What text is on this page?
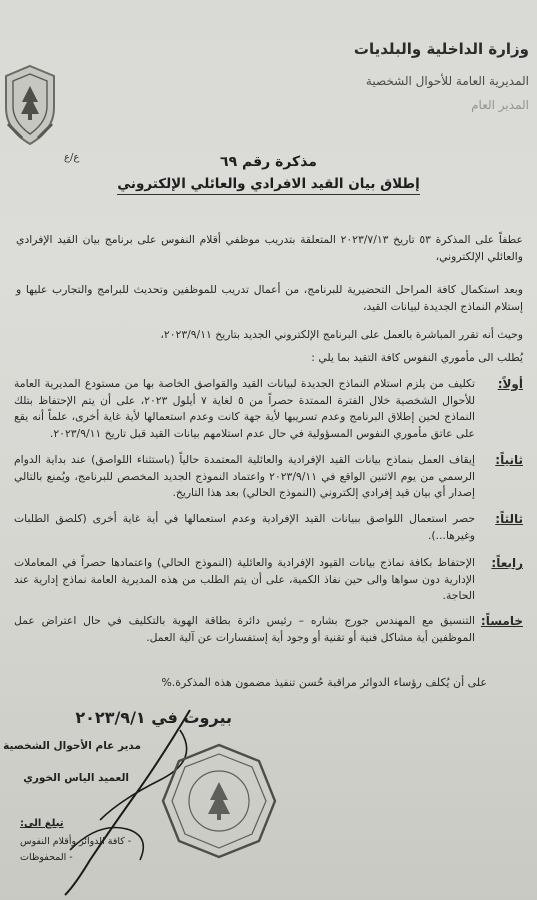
وزارة الداخلية والبلديات
المديرية العامة للأحوال الشخصية
المدير العام
ع/ع	مذكرة رقم ٦٩
إطلاق بيان القيد الافرادي والعائلي الإلكتروني
عطفاً على المذكرة ٥٣ تاريخ ٢٠٢٣/٧/١٣ المتعلقة بتدريب موظفي أقلام النفوس على برنامج بيان القيد الإفرادي والعائلي الإلكتروني،
وبعد استكمال كافة المراحل التحضيرية للبرنامج، من أعمال تدريب للموظفين وتحديث للبرامج والتجارب عليها و إستلام النماذج الجديدة لبيانات القيد،
وحيث أنه تقرر المباشرة بالعمل على البرنامج الإلكتروني الجديد بتاريخ ٢٠٢٣/٩/١١،
يُطلب الى مأموري النفوس كافة التقيد بما يلي :
أولاً:
تكليف من يلزم استلام النماذج الجديدة لبيانات القيد والقواصق الخاصة بها من مستودع المديرية العامة للأحوال الشخصية خلال الفترة الممتدة حصراً من ٥ لغاية ٧ أيلول ٢٠٢٣، على أن يتم الإحتفاظ بتلك النماذج لحين إطلاق البرنامج وعدم تسريبها لأية جهة كانت وعدم استعمالها لأية غاية أخرى، علماً أنه يقع على عاتق مأموري النفوس المسؤولية في حال عدم استلامهم بيانات القيد قبل تاريخ ٢٠٢٣/٩/١١.
ثانياً:
إيقاف العمل بنماذج بيانات القيد الإفرادية والعائلية المعتمدة حالياً (باستثناء اللواصق) عند بداية الدوام الرسمي من يوم الاثنين الواقع في ٢٠٢٣/٩/١١ واعتماد النموذج الجديد المخصص للبرنامج، ويُمنع بالتالي إصدار أي بيان قيد إفرادي إلكتروني (النموذج الحالي) بعد هذا التاريخ.
ثالثاً:
حصر استعمال اللواصق ببيانات القيد الإفرادية وعدم استعمالها في أية غاية أخرى (كلصق الطلبات وغيرها...).
رابعاً:
الإحتفاظ بكافة نماذج بيانات القيود الإفرادية والعائلية (النموذج الحالي) واعتمادها حصراً في المعاملات الإدارية دون سواها والى حين نفاذ الكمية، على أن يتم الطلب من هذه المديرية العامة نماذج إدارية عند الحاجة.
خامساً:
التنسيق مع المهندس جورج بشاره – رئيس دائرة بطاقة الهوية بالتكليف في حال اعتراض عمل الموظفين أية مشاكل فنية أو تقنية أو وجود أية إستفسارات عن آلية العمل.
على أن يُكلف رؤساء الدوائر مراقبة حُسن تنفيذ مضمون هذه المذكرة.%
بيروت في ٢٠٢٣/٩/١
مدير عام الأحوال الشخصية
العميد الياس الخوري
تبلغ الى:
- كافة الدوائر وأقلام النفوس
- المحفوظات
